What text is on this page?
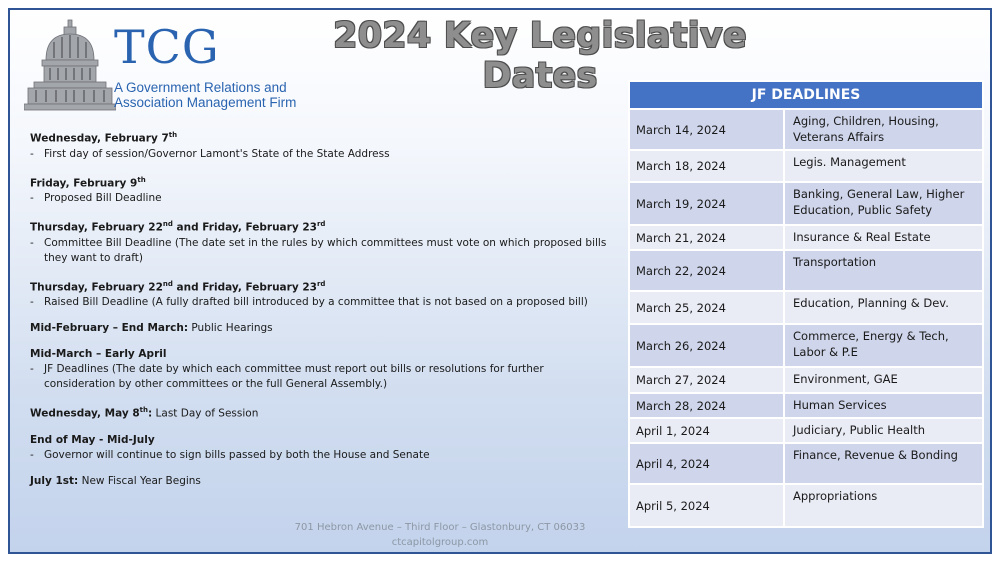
TCG
A Government Relations and
Association Management Firm
2024 Key Legislative Dates
Wednesday, February 7th
- First day of session/Governor Lamont's State of the State Address
Friday, February 9th
- Proposed Bill Deadline
Thursday, February 22nd and Friday, February 23rd
- Committee Bill Deadline (The date set in the rules by which committees must vote on which proposed bills they want to draft)
Thursday, February 22nd and Friday, February 23rd
- Raised Bill Deadline (A fully drafted bill introduced by a committee that is not based on a proposed bill)
Mid-February – End March: Public Hearings
Mid-March – Early April
- JF Deadlines (The date by which each committee must report out bills or resolutions for further consideration by other committees or the full General Assembly.)
Wednesday, May 8th: Last Day of Session
End of May - Mid-July
- Governor will continue to sign bills passed by both the House and Senate
July 1st: New Fiscal Year Begins
701 Hebron Avenue – Third Floor – Glastonbury, CT 06033
ctcapitolgroup.com
JF DEADLINES	
March 14, 2024	Aging, Children, Housing, Veterans Affairs
March 18, 2024	Legis. Management
March 19, 2024	Banking, General Law, Higher Education, Public Safety
March 21, 2024	Insurance & Real Estate
March 22, 2024	Transportation
March 25, 2024	Education, Planning & Dev.
March 26, 2024	Commerce, Energy & Tech, Labor & P.E
March 27, 2024	Environment, GAE
March 28, 2024	Human Services
April 1, 2024	Judiciary, Public Health
April 4, 2024	Finance, Revenue & Bonding
April 5, 2024	Appropriations
